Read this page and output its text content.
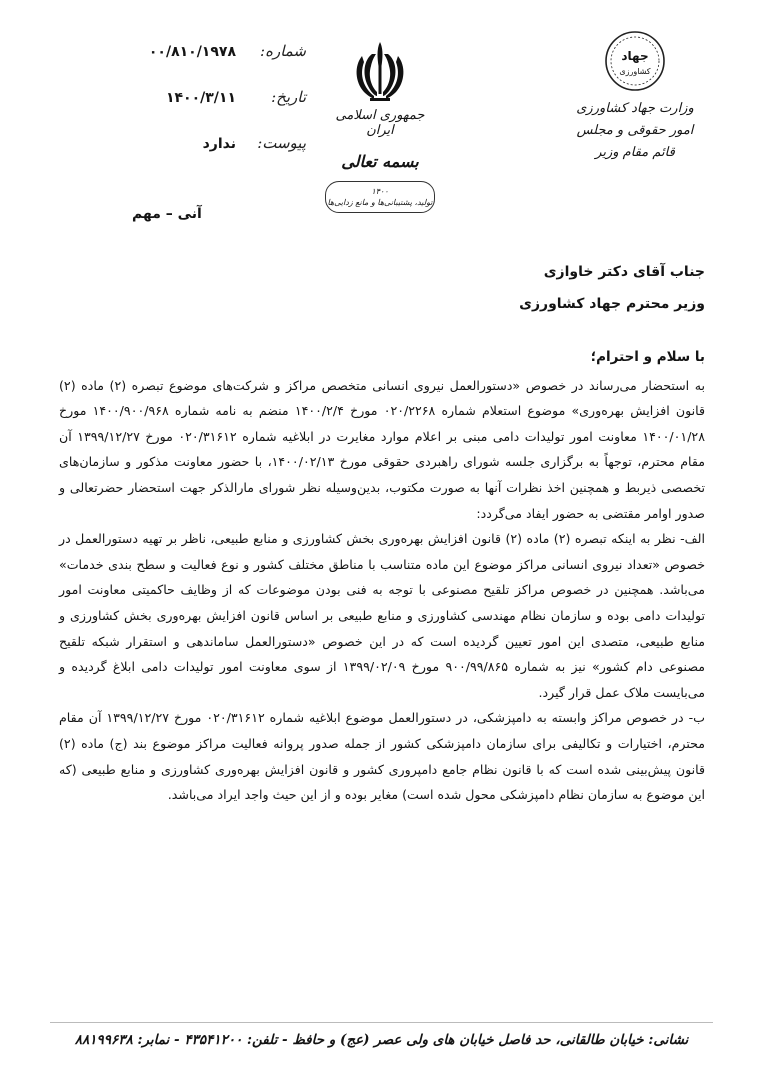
شماره:
۰۰/۸۱۰/۱۹۷۸
تاریخ:
۱۴۰۰/۳/۱۱
پیوست:
ندارد
آنی – مهم
جمهوری اسلامی ایران
بسمه تعالی
۱۴۰۰
تولید، پشتیبانی‌ها و مانع زدایی‌ها
جهاد
کشاورزی
وزارت جهاد کشاورزی
امور حقوقی و مجلس
قائم مقام وزیر
جناب آقای دکتر خاوازی
وزیر محترم جهاد کشاورزی

با سلام و احترام؛

به استحضار می‌رساند در خصوص «دستورالعمل نیروی انسانی متخصص مراکز و شرکت‌های موضوع تبصره (۲) ماده (۲) قانون افزایش بهره‌وری» موضوع استعلام شماره ۰۲۰/۲۲۶۸ مورخ ۱۴۰۰/۲/۴ منضم به نامه شماره ۱۴۰۰/۹۰۰/۹۶۸ مورخ ۱۴۰۰/۰۱/۲۸ معاونت امور تولیدات دامی مبنی بر اعلام موارد مغایرت در ابلاغیه شماره ۰۲۰/۳۱۶۱۲ مورخ ۱۳۹۹/۱۲/۲۷ آن مقام محترم، توجهاً به برگزاری جلسه شورای راهبردی حقوقی مورخ ۱۴۰۰/۰۲/۱۳، با حضور معاونت مذکور و سازمان‌های تخصصی ذیربط و همچنین اخذ نظرات آنها به صورت مکتوب، بدین‌وسیله نظر شورای مارالذکر جهت استحضار حضرتعالی و صدور اوامر مقتضی به حضور ایفاد می‌گردد:

الف- نظر به اینکه تبصره (۲) ماده (۲) قانون افزایش بهره‌وری بخش کشاورزی و منابع طبیعی، ناظر بر تهیه دستورالعمل در خصوص «تعداد نیروی انسانی مراکز موضوع این ماده متناسب با مناطق مختلف کشور و نوع فعالیت و سطح بندی خدمات» می‌باشد. همچنین در خصوص مراکز تلقیح مصنوعی با توجه به فنی بودن موضوعات که از وظایف حاکمیتی معاونت امور تولیدات دامی بوده و سازمان نظام مهندسی کشاورزی و منابع طبیعی بر اساس قانون افزایش بهره‌وری بخش کشاورزی و منابع طبیعی، متصدی این امور تعیین گردیده است که در این خصوص «دستورالعمل ساماندهی و استقرار شبکه تلقیح مصنوعی دام کشور» نیز به شماره ۹۰۰/۹۹/۸۶۵ مورخ ۱۳۹۹/۰۲/۰۹ از سوی معاونت امور تولیدات دامی ابلاغ گردیده و می‌بایست ملاک عمل قرار گیرد.

ب- در خصوص مراکز وابسته به دامپزشکی، در دستورالعمل موضوع ابلاغیه شماره ۰۲۰/۳۱۶۱۲ مورخ ۱۳۹۹/۱۲/۲۷ آن مقام محترم، اختیارات و تکالیفی برای سازمان دامپزشکی کشور از جمله صدور پروانه فعالیت مراکز موضوع بند (ج) ماده (۲) قانون پیش‌بینی شده است که با قانون نظام جامع دامپروری کشور و قانون افزایش بهره‌وری کشاورزی و منابع طبیعی (که این موضوع به سازمان نظام دامپزشکی محول شده است) مغایر بوده و از این حیث واجد ایراد می‌باشد.

نشانی: خیابان طالقانی، حد فاصل خیابان های ولی عصر (عج) و حافظ - تلفن: ۴۳۵۴۱۲۰۰ - نمابر: ۸۸۱۹۹۶۳۸
